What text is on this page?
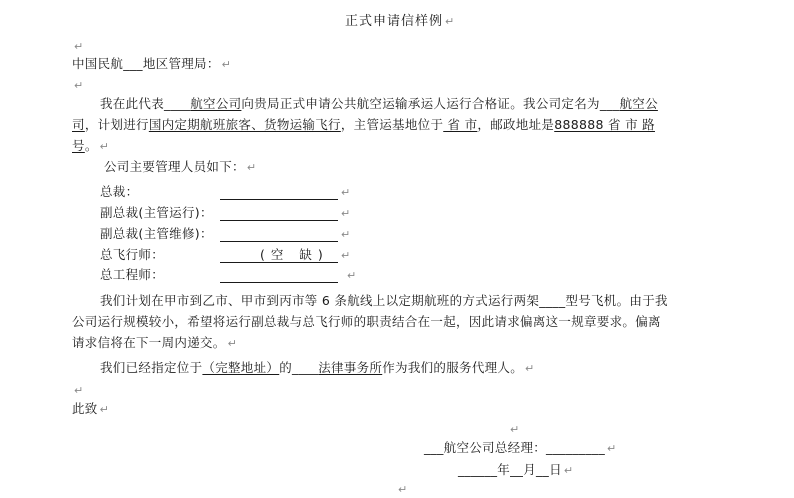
正式申请信样例 ↵
↵
中国民航___地区管理局： ↵
↵
我在此代表____航空公司向贵局正式申请公共航空运输承运人运行合格证。我公司定名为___航空公
司，计划进行国内定期航班旅客、货物运输飞行，主管运基地位于 省 市，邮政地址是888888 省 市 路
号。 ↵
公司主要管理人员如下： ↵
总裁：	↵
副总裁(主管运行)：	↵
副总裁(主管维修)：	↵
总飞行师：	(空 缺) ↵
总工程师：	↵
我们计划在甲市到乙市、甲市到丙市等 6 条航线上以定期航班的方式运行两架____型号飞机。由于我
公司运行规模较小，希望将运行副总裁与总飞行师的职责结合在一起，因此请求偏离这一规章要求。偏离
请求信将在下一周内递交。 ↵
我们已经指定位于（完整地址）的____法律事务所作为我们的服务代理人。 ↵
↵
此致 ↵
↵
___航空公司总经理：_________ ↵
______年__月__日 ↵
↵
